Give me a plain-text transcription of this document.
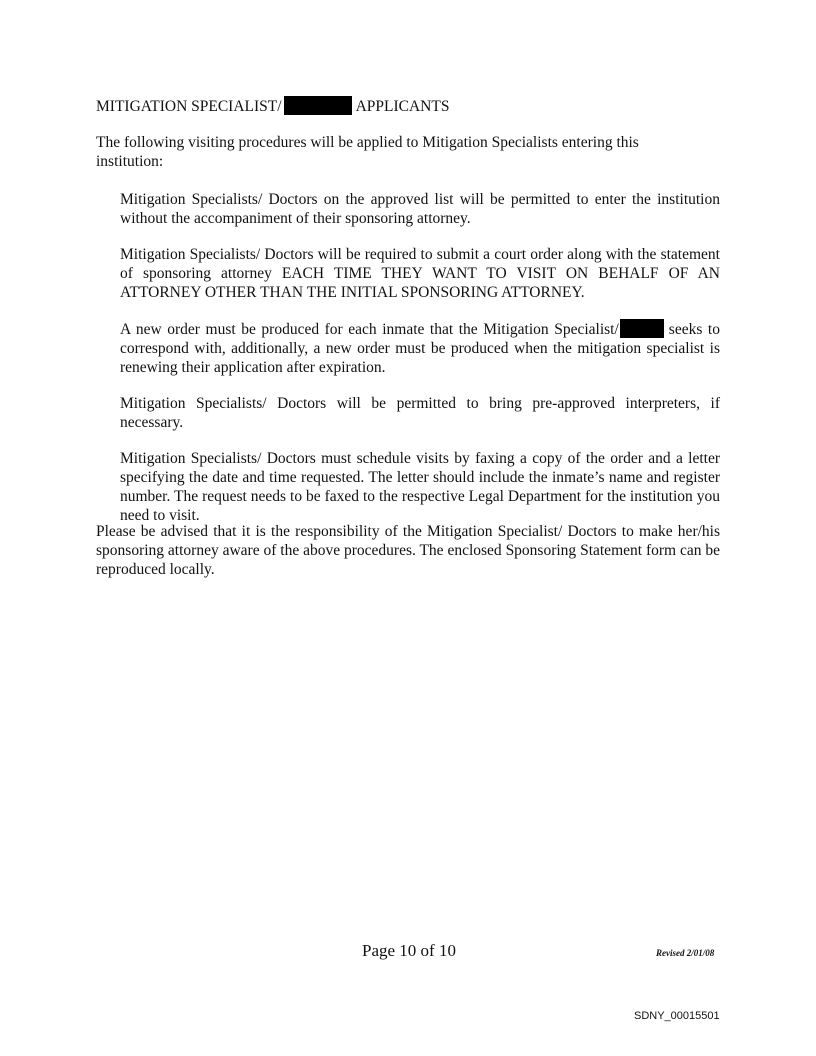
MITIGATION SPECIALIST/	APPLICANTS
The following visiting procedures will be applied to Mitigation Specialists entering this institution:

Mitigation Specialists/ Doctors on the approved list will be permitted to enter the institution without the accompaniment of their sponsoring attorney.

Mitigation Specialists/ Doctors will be required to submit a court order along with the statement of sponsoring attorney EACH TIME THEY WANT TO VISIT ON BEHALF OF AN ATTORNEY OTHER THAN THE INITIAL SPONSORING ATTORNEY.

A new order must be produced for each inmate that the Mitigation Specialist/	seeks to correspond with, additionally, a new order must be produced when the mitigation specialist is renewing their application after expiration.

Mitigation Specialists/ Doctors will be permitted to bring pre-approved interpreters, if necessary.

Mitigation Specialists/ Doctors must schedule visits by faxing a copy of the order and a letter specifying the date and time requested. The letter should include the inmate’s name and register number. The request needs to be faxed to the respective Legal Department for the institution you need to visit.

Please be advised that it is the responsibility of the Mitigation Specialist/ Doctors to make her/his sponsoring attorney aware of the above procedures. The enclosed Sponsoring Statement form can be reproduced locally.
Page 10 of 10	Revised 2/01/08
SDNY_00015501
